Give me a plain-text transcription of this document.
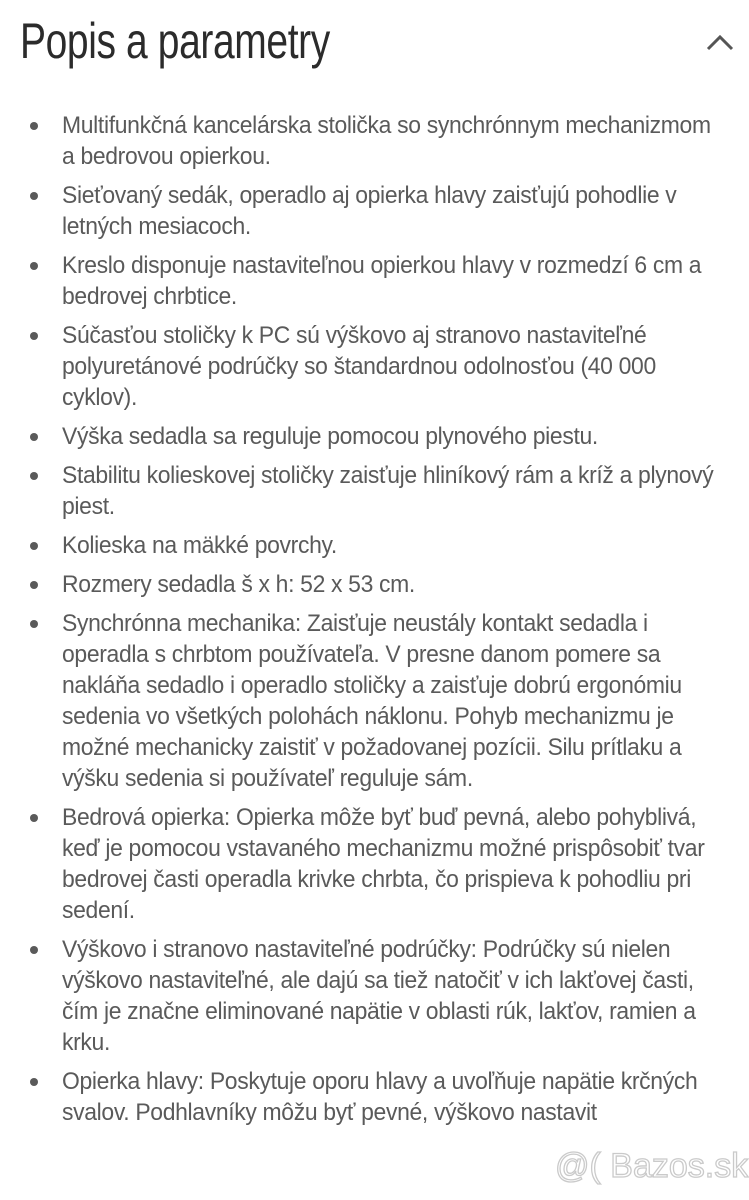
Popis a parametry
Multifunkčná kancelárska stolička so synchrónnym mechanizmom a bedrovou opierkou.
Sieťovaný sedák, operadlo aj opierka hlavy zaisťujú pohodlie v letných mesiacoch.
Kreslo disponuje nastaviteľnou opierkou hlavy v rozmedzí 6 cm a bedrovej chrbtice.
Súčasťou stoličky k PC sú výškovo aj stranovo nastaviteľné polyuretánové podrúčky so štandardnou odolnosťou (40 000 cyklov).
Výška sedadla sa reguluje pomocou plynového piestu.
Stabilitu kolieskovej stoličky zaisťuje hliníkový rám a kríž a plynový piest.
Kolieska na mäkké povrchy.
Rozmery sedadla š x h: 52 x 53 cm.
Synchrónna mechanika: Zaisťuje neustály kontakt sedadla i operadla s chrbtom používateľa. V presne danom pomere sa nakláňa sedadlo i operadlo stoličky a zaisťuje dobrú ergonómiu sedenia vo všetkých polohách náklonu. Pohyb mechanizmu je možné mechanicky zaistiť v požadovanej pozícii. Silu prítlaku a výšku sedenia si používateľ reguluje sám.
Bedrová opierka: Opierka môže byť buď pevná, alebo pohyblivá, keď je pomocou vstavaného mechanizmu možné prispôsobiť tvar bedrovej časti operadla krivke chrbta, čo prispieva k pohodliu pri sedení.
Výškovo i stranovo nastaviteľné podrúčky: Podrúčky sú nielen výškovo nastaviteľné, ale dajú sa tiež natočiť v ich lakťovej časti, čím je značne eliminované napätie v oblasti rúk, lakťov, ramien a krku.
Opierka hlavy: Poskytuje oporu hlavy a uvoľňuje napätie krčných svalov. Podhlavníky môžu byť pevné, výškovo nastavit
@( Bazos.sk
